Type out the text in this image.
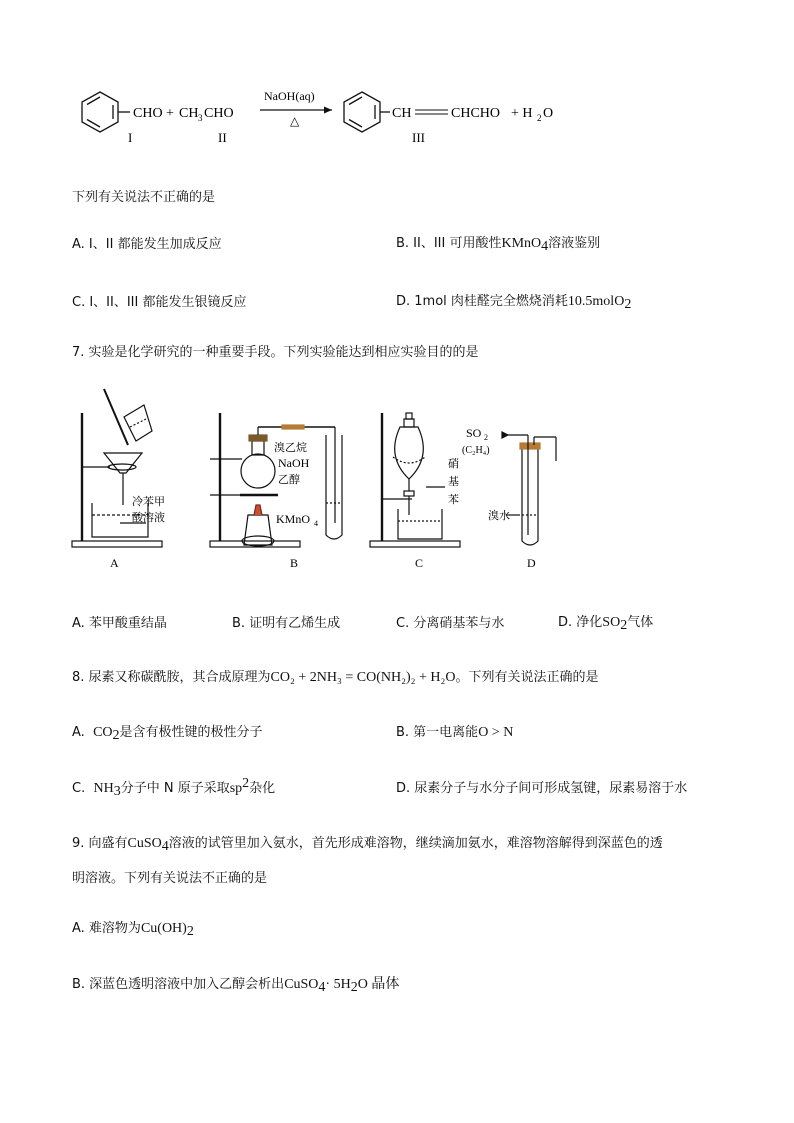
CHO + CH 3 CHO
NaOH(aq)
△	CH	CHCHO + H 2 O
I	II	III
下列有关说法不正确的是
A. I、II 都能发生加成反应	B. II、III 可用酸性KMnO$_4$溶液鉴别
C. I、II、III 都能发生银镜反应	D. 1mol 肉桂醛完全燃烧消耗10.5molO$_2$
7. 实验是化学研究的一种重要手段。下列实验能达到相应实验目的的是
冷苯甲
酸溶液
溴乙烷
NaOH
乙醇
KMnO 4
硝
基
苯
SO 2
(C₂H₄)
溴水
A	B	C	D
A. 苯甲酸重结晶	B. 证明有乙烯生成	C. 分离硝基苯与水	D. 净化$SO_2$气体
8. 尿素又称碳酰胺，其合成原理为CO₂ + 2NH₃ = CO(NH₂)₂ + H₂O。下列有关说法正确的是
A. $CO_2$是含有极性键的极性分子	B. 第一电离能O > N
C. $NH_3$分子中 N 原子采取$sp^2$杂化	D. 尿素分子与水分子间可形成氢键，尿素易溶于水
9. 向盛有CuSO$_4$溶液的试管里加入氨水，首先形成难溶物，继续滴加氨水，难溶物溶解得到深蓝色的透
明溶液。下列有关说法不正确的是
A. 难溶物为$Cu(OH)_2$
B. 深蓝色透明溶液中加入乙醇会析出CuSO$_4$· $5H_2O$ 晶体
